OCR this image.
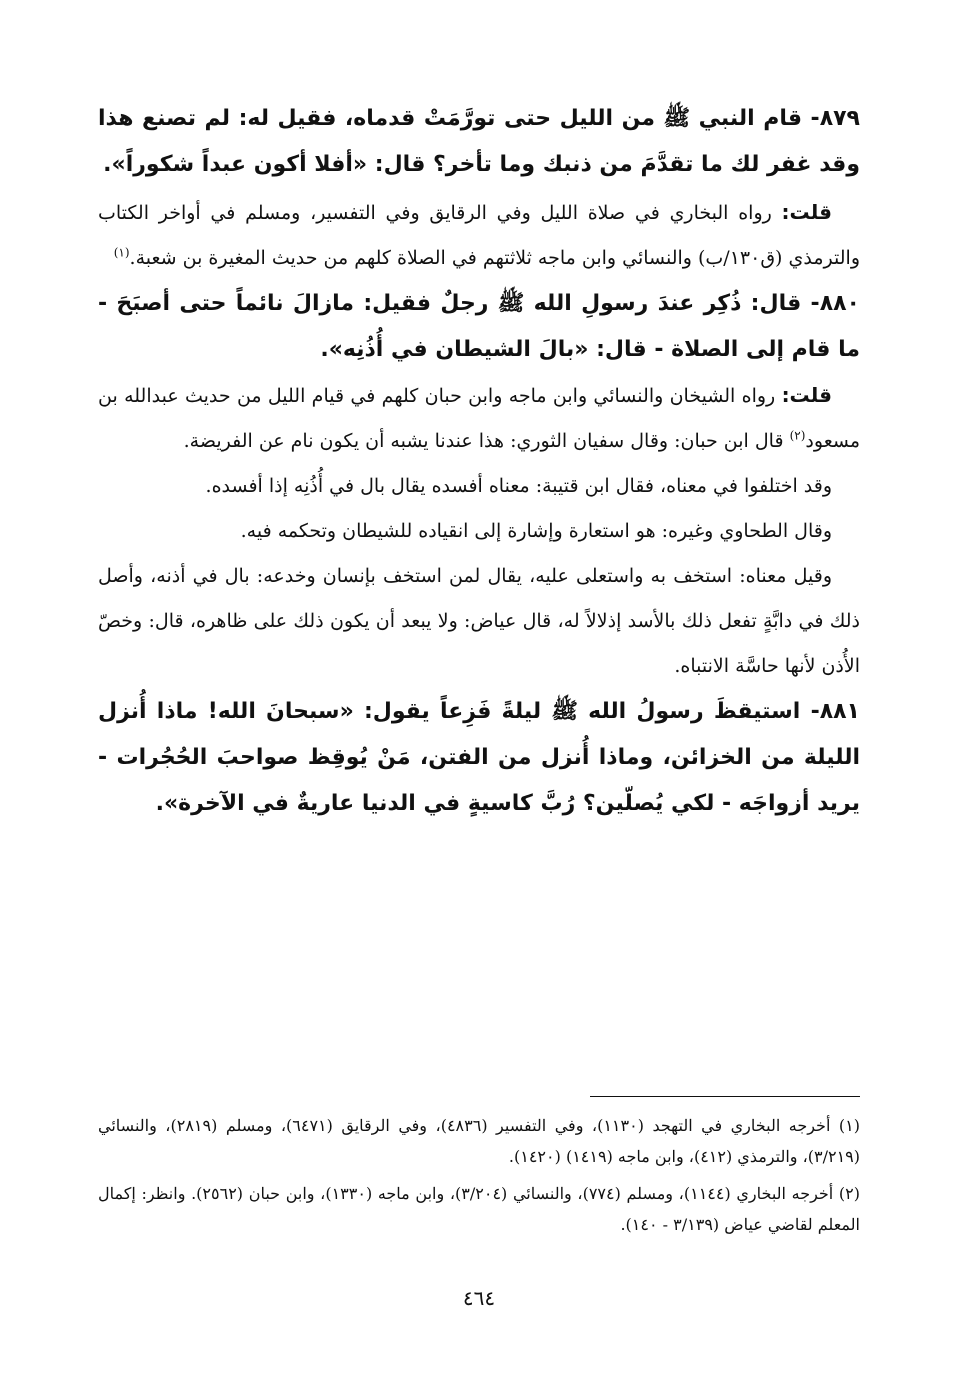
٨٧٩- قام النبي ﷺ من الليل حتى تورَّمَتْ قدماه، فقيل له: لم تصنع هذا وقد غفر لك ما تقدَّمَ من ذنبك وما تأخر؟ قال: «أفلا أكون عبداً شكوراً».

قلت: رواه البخاري في صلاة الليل وفي الرقايق وفي التفسير، ومسلم في أواخر الكتاب والترمذي (ق١٣٠/ب) والنسائي وابن ماجه ثلاثتهم في الصلاة كلهم من حديث المغيرة بن شعبة.$^{(١)}$

٨٨٠- قال: ذُكِر عندَ رسولِ الله ﷺ رجلٌ فقيل: مازالَ نائماً حتى أصبَحَ - ما قام إلى الصلاة - قال: «بالَ الشيطان في أُذُنِه».

قلت: رواه الشيخان والنسائي وابن ماجه وابن حبان كلهم في قيام الليل من حديث عبدالله بن مسعود$^{(٢)}$ قال ابن حبان: وقال سفيان الثوري: هذا عندنا يشبه أن يكون نام عن الفريضة.

وقد اختلفوا في معناه، فقال ابن قتيبة: معناه أفسده يقال بال في أُذُنِه إذا أفسده.

وقال الطحاوي وغيره: هو استعارة وإشارة إلى انقياده للشيطان وتحكمه فيه.

وقيل معناه: استخف به واستعلى عليه، يقال لمن استخف بإنسان وخدعه: بال في أذنه، وأصل ذلك في دابَّةٍ تفعل ذلك بالأسد إذلالاً له، قال عياض: ولا يبعد أن يكون ذلك على ظاهره، قال: وخصّ الأُذن لأنها حاسَّة الانتباه.

٨٨١- استيقظَ رسولُ الله ﷺ ليلةً فَزِعاً يقول: «سبحانَ الله! ماذا أُنزل الليلة من الخزائن، وماذا أُنزل من الفتن، مَنْ يُوقِظ صواحبَ الحُجُرات - يريد أزواجَه - لكي يُصلّين؟ رُبَّ كاسيةٍ في الدنيا عاريةٌ في الآخرة».

(١) أخرجه البخاري في التهجد (١١٣٠)، وفي التفسير (٤٨٣٦)، وفي الرقايق (٦٤٧١)، ومسلم (٢٨١٩)، والنسائي (٣/٢١٩)، والترمذي (٤١٢)، وابن ماجه (١٤١٩) (١٤٢٠).

(٢) أخرجه البخاري (١١٤٤)، ومسلم (٧٧٤)، والنسائي (٣/٢٠٤)، وابن ماجه (١٣٣٠)، وابن حبان (٢٥٦٢). وانظر: إكمال المعلم لقاضي عياض (٣/١٣٩ - ١٤٠).

٤٦٤
